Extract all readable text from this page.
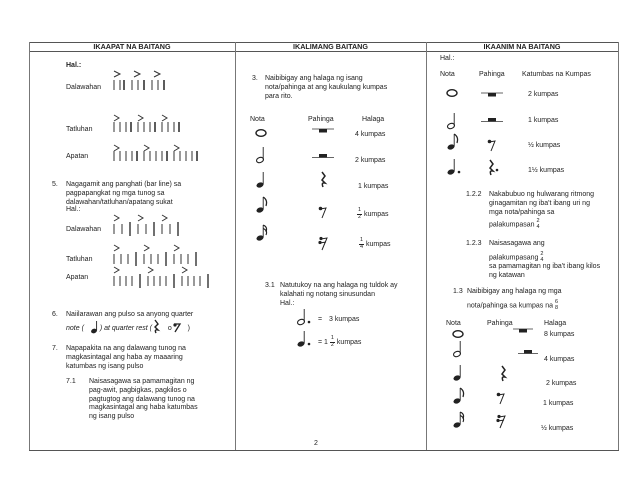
IKAAPAT NA BAITANG	IKALIMANG BAITANG	IKAANIM NA BAITANG
Hal.:
Dalawahan
Tatluhan
Apatan
5. Nagagamit ang panghati (bar line) sa pagpapangkat ng mga tunog sa dalawahan/tatluhan/apatang sukat
Hal.:
Dalawahan
Tatluhan
Apatan
6. Naiilarawan ang pulso sa anyong quarter
note ( ) at quarter rest ( o )
7. Napapakita na ang dalawang tunog na magkasintagal ang haba ay maaaring katumbas ng isang pulso
7.1 Naisasagawa sa pamamagitan ng pag-awit, pagbigkas, pagkilos o pagtugtog ang dalawang tunog na magkasintagal ang haba katumbas ng isang pulso
3. Naibibigay ang halaga ng isang nota/pahinga at ang kaukulang kumpas para rito.
Nota	Pahinga	Halaga
4 kumpas
2 kumpas
1 kumpas
$\frac{1}{2}$ kumpas
$\frac{1}{4}$ kumpas
3.1 Natutukoy na ang halaga ng tuldok ay kalahati ng notang sinusundan
Hal.:
= 3 kumpas
= $1 \frac{1}{2}$ kumpas
Hal.:
Nota	Pahinga Katumbas na Kumpas
2 kumpas
1 kumpas
½ kumpas
1½ kumpas
1.2.2 Nakabubuo ng hulwarang ritmong ginagamitan ng iba't ibang uri ng mga nota/pahinga sa
palakumpasan
2
4
1.2.3 Naisasagawa ang
palakumpasang
2
4
sa pamamagitan ng iba't ibang kilos ng katawan
1.3 Naibibigay ang halaga ng mga
nota/pahinga sa kumpas na
6
8
Nota	Pahinga	Halaga
8 kumpas
4 kumpas
2 kumpas
1 kumpas
½ kumpas
2
